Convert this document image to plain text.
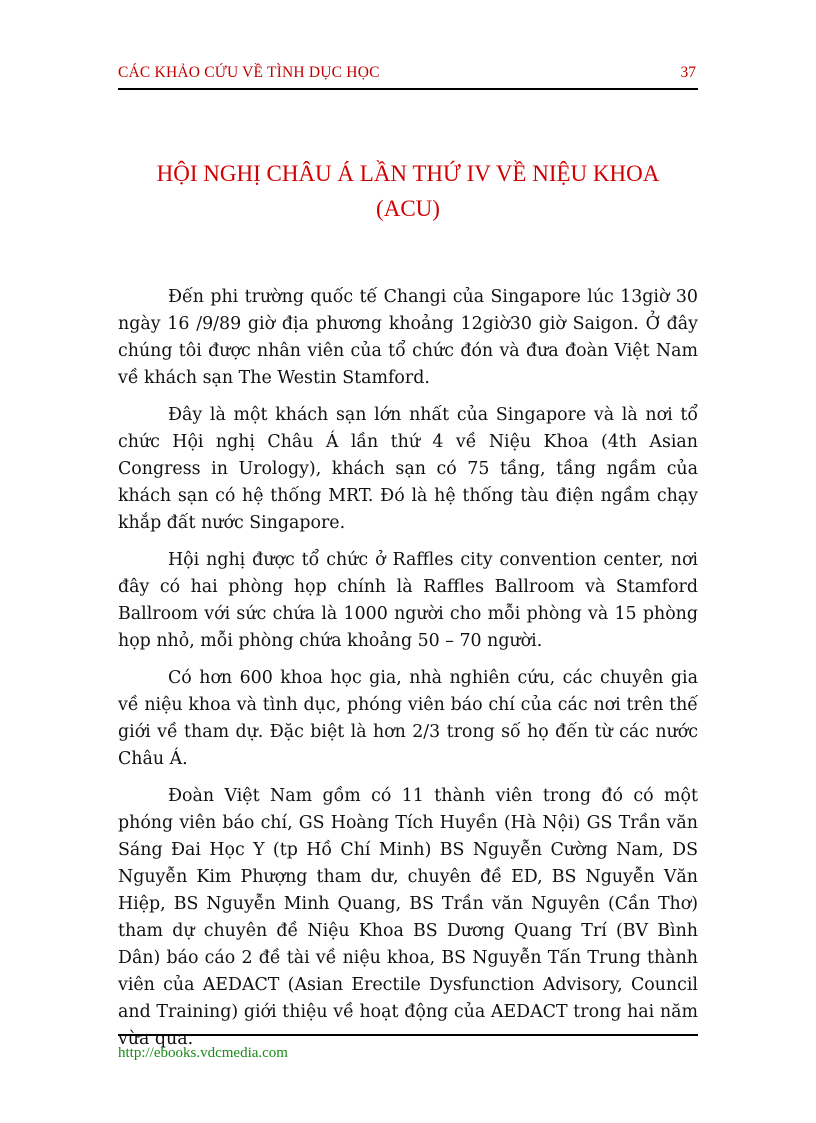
CÁC KHẢO CỨU VỀ TÌNH DỤC HỌC	37
HỘI NGHỊ CHÂU Á LẦN THỨ IV VỀ NIỆU KHOA
(ACU)

Đến phi trường quốc tế Changi của Singapore lúc 13giờ 30 ngày 16 /9/89 giờ địa phương khoảng 12giờ30 giờ Saigon. Ở đây chúng tôi được nhân viên của tổ chức đón và đưa đoàn Việt Nam về khách sạn The Westin Stamford.

Đây là một khách sạn lớn nhất của Singapore và là nơi tổ chức Hội nghị Châu Á lần thứ 4 về Niệu Khoa (4th Asian Congress in Urology), khách sạn có 75 tầng, tầng ngầm của khách sạn có hệ thống MRT. Đó là hệ thống tàu điện ngầm chạy khắp đất nước Singapore.

Hội nghị được tổ chức ở Raffles city convention center, nơi đây có hai phòng họp chính là Raffles Ballroom và Stamford Ballroom với sức chứa là 1000 người cho mỗi phòng và 15 phòng họp nhỏ, mỗi phòng chứa khoảng 50 – 70 người.

Có hơn 600 khoa học gia, nhà nghiên cứu, các chuyên gia về niệu khoa và tình dục, phóng viên báo chí của các nơi trên thế giới về tham dự. Đặc biệt là hơn 2/3 trong số họ đến từ các nước Châu Á.

Đoàn Việt Nam gồm có 11 thành viên trong đó có một phóng viên báo chí, GS Hoàng Tích Huyền (Hà Nội) GS Trần văn Sáng Đai Học Y (tp Hồ Chí Minh) BS Nguyễn Cường Nam, DS Nguyễn Kim Phượng tham dư, chuyên đề ED, BS Nguyễn Văn Hiệp, BS Nguyễn Minh Quang, BS Trần văn Nguyên (Cần Thơ) tham dự chuyên đề Niệu Khoa BS Dương Quang Trí (BV Bình Dân) báo cáo 2 đề tài về niệu khoa, BS Nguyễn Tấn Trung thành viên của AEDACT (Asian Erectile Dysfunction Advisory, Council and Training) giới thiệu về hoạt động của AEDACT trong hai năm vừa qua.

http://ebooks.vdcmedia.com
